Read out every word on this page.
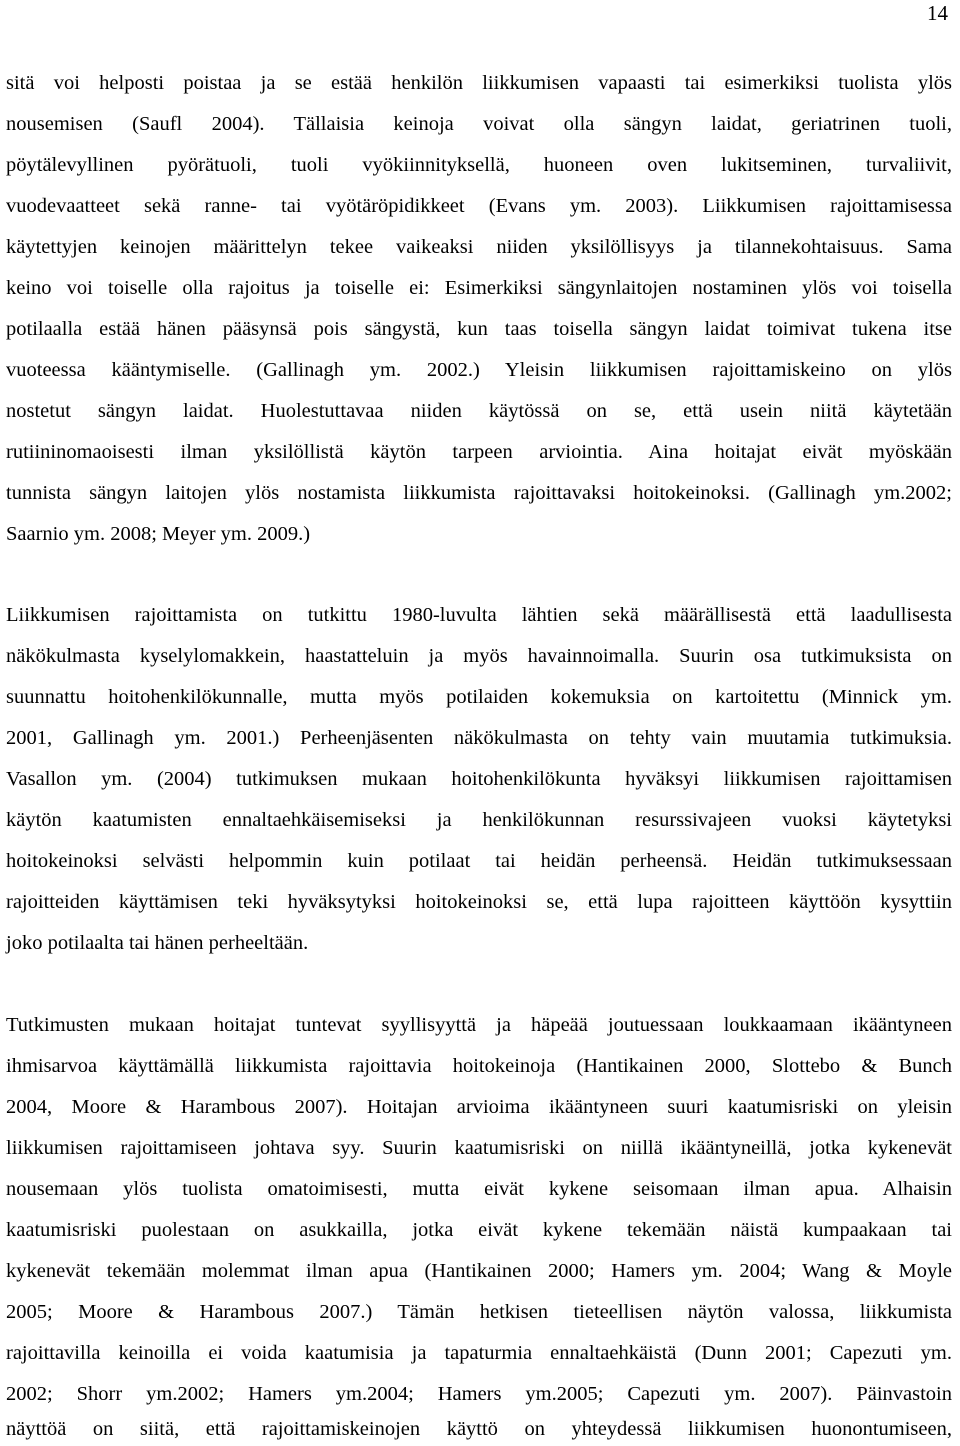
14
sitä voi helposti poistaa ja se estää henkilön liikkumisen vapaasti tai esimerkiksi tuolista ylös
nousemisen (Saufl 2004). Tällaisia keinoja voivat olla sängyn laidat, geriatrinen tuoli,
pöytälevyllinen pyörätuoli, tuoli vyökiinnityksellä, huoneen oven lukitseminen, turvaliivit,
vuodevaatteet sekä ranne- tai vyötäröpidikkeet (Evans ym. 2003). Liikkumisen rajoittamisessa
käytettyjen keinojen määrittelyn tekee vaikeaksi niiden yksilöllisyys ja tilannekohtaisuus. Sama
keino voi toiselle olla rajoitus ja toiselle ei: Esimerkiksi sängynlaitojen nostaminen ylös voi toisella
potilaalla estää hänen pääsynsä pois sängystä, kun taas toisella sängyn laidat toimivat tukena itse
vuoteessa kääntymiselle. (Gallinagh ym. 2002.) Yleisin liikkumisen rajoittamiskeino on ylös
nostetut sängyn laidat. Huolestuttavaa niiden käytössä on se, että usein niitä käytetään
rutiininomaoisesti ilman yksilöllistä käytön tarpeen arviointia. Aina hoitajat eivät myöskään
tunnista sängyn laitojen ylös nostamista liikkumista rajoittavaksi hoitokeinoksi. (Gallinagh ym.2002;
Saarnio ym. 2008; Meyer ym. 2009.)
Liikkumisen rajoittamista on tutkittu 1980-luvulta lähtien sekä määrällisestä että laadullisesta
näkökulmasta kyselylomakkein, haastatteluin ja myös havainnoimalla. Suurin osa tutkimuksista on
suunnattu hoitohenkilökunnalle, mutta myös potilaiden kokemuksia on kartoitettu (Minnick ym.
2001, Gallinagh ym. 2001.) Perheenjäsenten näkökulmasta on tehty vain muutamia tutkimuksia.
Vasallon ym. (2004) tutkimuksen mukaan hoitohenkilökunta hyväksyi liikkumisen rajoittamisen
käytön kaatumisten ennaltaehkäisemiseksi ja henkilökunnan resurssivajeen vuoksi käytetyksi
hoitokeinoksi selvästi helpommin kuin potilaat tai heidän perheensä. Heidän tutkimuksessaan
rajoitteiden käyttämisen teki hyväksytyksi hoitokeinoksi se, että lupa rajoitteen käyttöön kysyttiin
joko potilaalta tai hänen perheeltään.
Tutkimusten mukaan hoitajat tuntevat syyllisyyttä ja häpeää joutuessaan loukkaamaan ikääntyneen
ihmisarvoa käyttämällä liikkumista rajoittavia hoitokeinoja (Hantikainen 2000, Slottebo & Bunch
2004, Moore & Harambous 2007). Hoitajan arvioima ikääntyneen suuri kaatumisriski on yleisin
liikkumisen rajoittamiseen johtava syy. Suurin kaatumisriski on niillä ikääntyneillä, jotka kykenevät
nousemaan ylös tuolista omatoimisesti, mutta eivät kykene seisomaan ilman apua. Alhaisin
kaatumisriski puolestaan on asukkailla, jotka eivät kykene tekemään näistä kumpaakaan tai
kykenevät tekemään molemmat ilman apua (Hantikainen 2000; Hamers ym. 2004; Wang & Moyle
2005; Moore & Harambous 2007.) Tämän hetkisen tieteellisen näytön valossa, liikkumista
rajoittavilla keinoilla ei voida kaatumisia ja tapaturmia ennaltaehkäistä (Dunn 2001; Capezuti ym.
2002; Shorr ym.2002; Hamers ym.2004; Hamers ym.2005; Capezuti ym. 2007). Päinvastoin
näyttöä on siitä, että rajoittamiskeinojen käyttö on yhteydessä liikkumisen huonontumiseen,
